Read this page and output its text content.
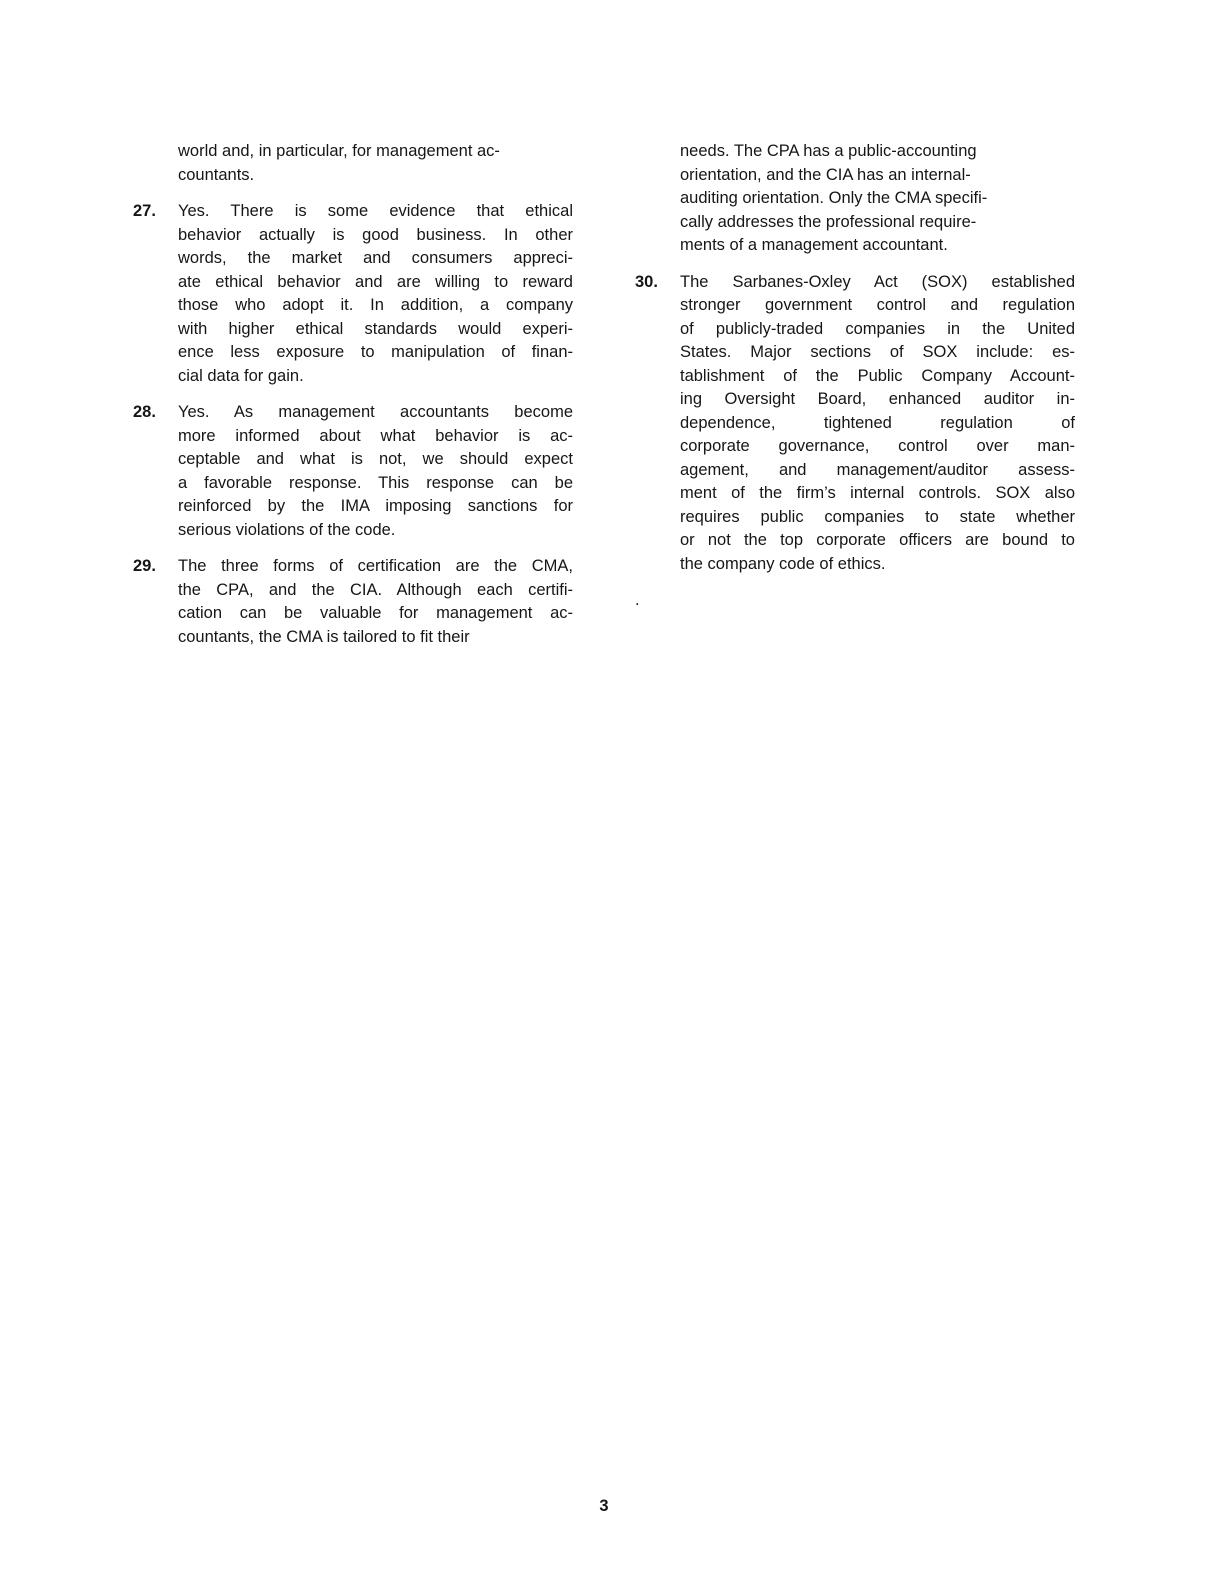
world and, in particular, for management ac-
countants.
27.	Yes. There is some evidence that ethical
behavior actually is good business. In other
words, the market and consumers appreci-
ate ethical behavior and are willing to reward
those who adopt it. In addition, a company
with higher ethical standards would experi-
ence less exposure to manipulation of finan-
cial data for gain.
28.	Yes. As management accountants become
more informed about what behavior is ac-
ceptable and what is not, we should expect
a favorable response. This response can be
reinforced by the IMA imposing sanctions for
serious violations of the code.
29.	The three forms of certification are the CMA,
the CPA, and the CIA. Although each certifi-
cation can be valuable for management ac-
countants, the CMA is tailored to fit their
needs. The CPA has a public-accounting
orientation, and the CIA has an internal-
auditing orientation. Only the CMA specifi-
cally addresses the professional require-
ments of a management accountant.
30.	The Sarbanes-Oxley Act (SOX) established
stronger government control and regulation
of publicly-traded companies in the United
States. Major sections of SOX include: es-
tablishment of the Public Company Account-
ing Oversight Board, enhanced auditor in-
dependence, tightened regulation of
corporate governance, control over man-
agement, and management/auditor assess-
ment of the firm’s internal controls. SOX also
requires public companies to state whether
or not the top corporate officers are bound to
the company code of ethics.
.
3
